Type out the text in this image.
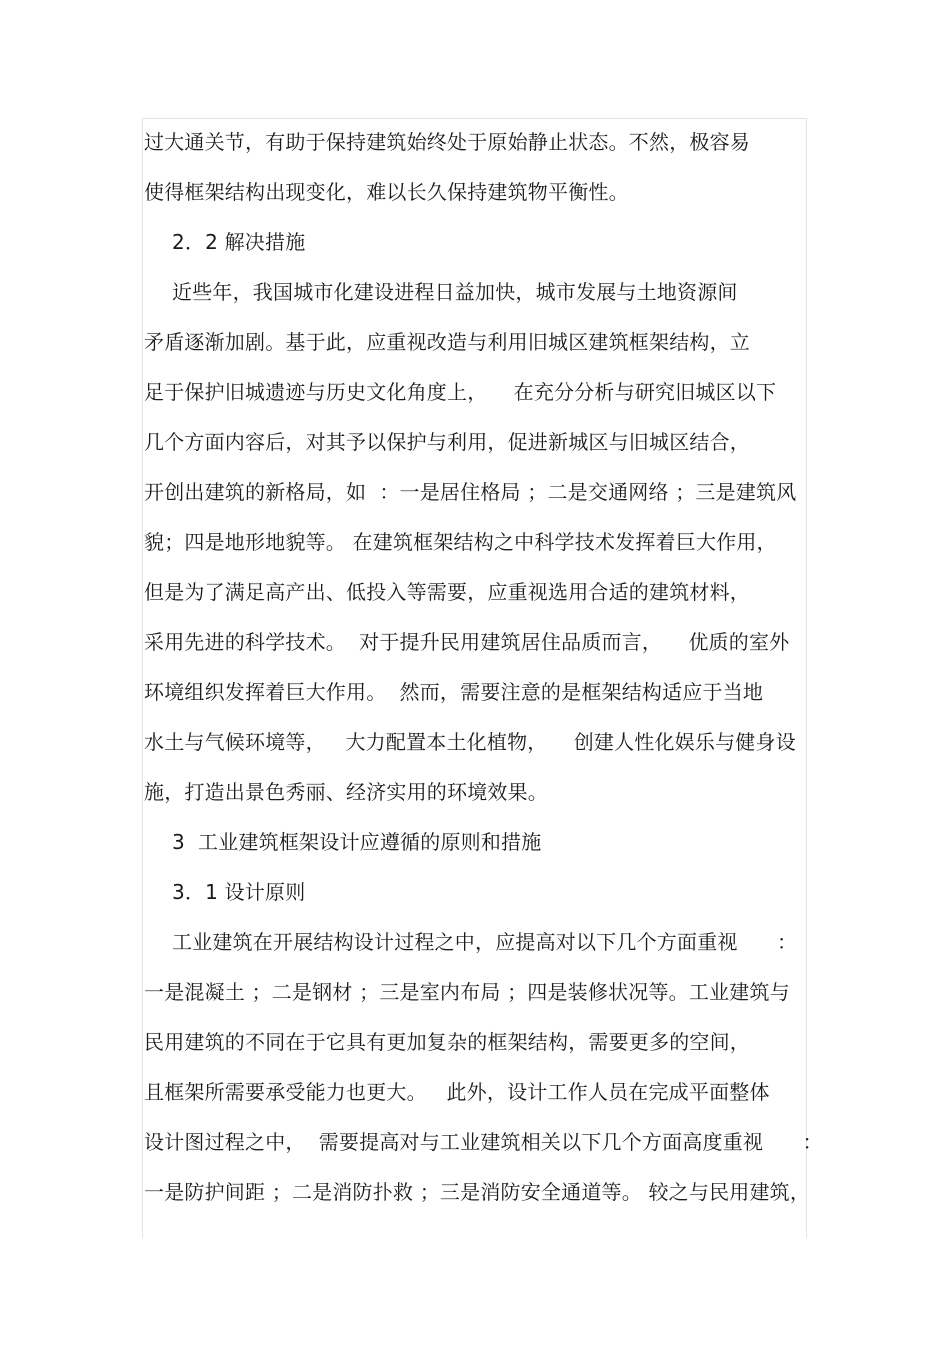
过大通关节，有助于保持建筑始终处于原始静止状态。不然，极容易
使得框架结构出现变化，难以长久保持建筑物平衡性。
2．2 解决措施
近些年，我国城市化建设进程日益加快，城市发展与土地资源间
矛盾逐渐加剧。基于此，应重视改造与利用旧城区建筑框架结构，立
足于保护旧城遗迹与历史文化角度上，    在充分分析与研究旧城区以下
几个方面内容后，对其予以保护与利用，促进新城区与旧城区结合，
开创出建筑的新格局，如  ：一是居住格局 ；二是交通网络 ；三是建筑风
貌；四是地形地貌等。 在建筑框架结构之中科学技术发挥着巨大作用，
但是为了满足高产出、低投入等需要，应重视选用合适的建筑材料，
采用先进的科学技术。  对于提升民用建筑居住品质而言，    优质的室外
环境组织发挥着巨大作用。  然而，需要注意的是框架结构适应于当地
水土与气候环境等，   大力配置本土化植物，    创建人性化娱乐与健身设
施，打造出景色秀丽、经济实用的环境效果。
3  工业建筑框架设计应遵循的原则和措施
3．1 设计原则
工业建筑在开展结构设计过程之中，应提高对以下几个方面重视      ：
一是混凝土 ；二是钢材 ；三是室内布局 ；四是装修状况等。工业建筑与
民用建筑的不同在于它具有更加复杂的框架结构，需要更多的空间，
且框架所需要承受能力也更大。   此外，设计工作人员在完成平面整体
设计图过程之中，  需要提高对与工业建筑相关以下几个方面高度重视      ：
一是防护间距 ；二是消防扑救 ；三是消防安全通道等。 较之与民用建筑，
